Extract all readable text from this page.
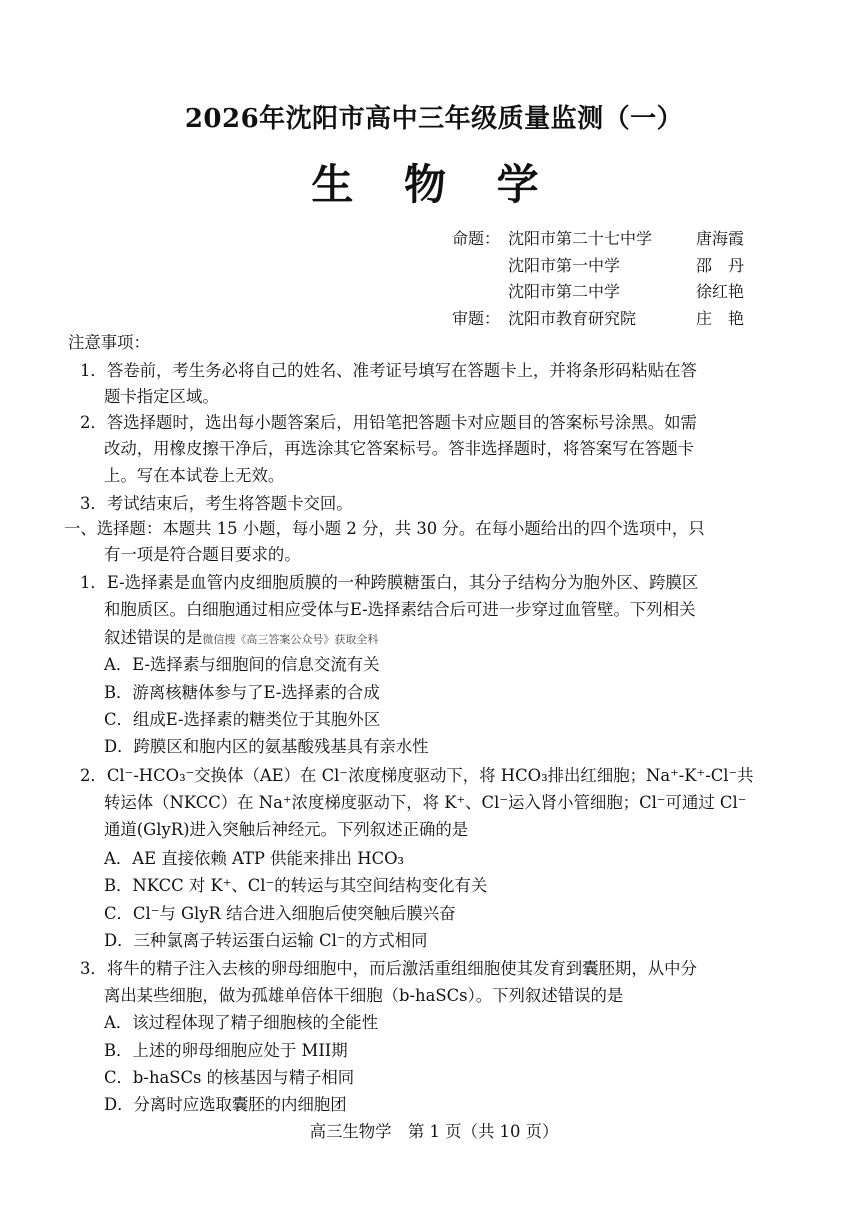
2026年沈阳市高中三年级质量监测（一）
生 物 学
命题： 沈阳市第二十七中学	唐海霞
沈阳市第一中学	邵　丹
沈阳市第二中学	徐红艳
审题： 沈阳市教育研究院	庄　艳
注意事项：
1．答卷前，考生务必将自己的姓名、准考证号填写在答题卡上，并将条形码粘贴在答
题卡指定区域。
2．答选择题时，选出每小题答案后，用铅笔把答题卡对应题目的答案标号涂黑。如需
改动，用橡皮擦干净后，再选涂其它答案标号。答非选择题时，将答案写在答题卡
上。写在本试卷上无效。
3．考试结束后，考生将答题卡交回。
一、选择题：本题共 15 小题，每小题 2 分，共 30 分。在每小题给出的四个选项中，只
有一项是符合题目要求的。
1．E-选择素是血管内皮细胞质膜的一种跨膜糖蛋白，其分子结构分为胞外区、跨膜区
和胞质区。白细胞通过相应受体与E-选择素结合后可进一步穿过血管壁。下列相关
叙述错误的是微信搜《高三答案公众号》获取全科
A．E-选择素与细胞间的信息交流有关
B．游离核糖体参与了E-选择素的合成
C．组成E-选择素的糖类位于其胞外区
D．跨膜区和胞内区的氨基酸残基具有亲水性
2．Cl⁻-HCO₃⁻交换体（AE）在 Cl⁻浓度梯度驱动下，将 HCO₃排出红细胞；Na⁺-K⁺-Cl⁻共
转运体（NKCC）在 Na⁺浓度梯度驱动下，将 K⁺、Cl⁻运入肾小管细胞；Cl⁻可通过 Cl⁻
通道(GlyR)进入突触后神经元。下列叙述正确的是
A．AE 直接依赖 ATP 供能来排出 HCO₃
B．NKCC 对 K⁺、Cl⁻的转运与其空间结构变化有关
C．Cl⁻与 GlyR 结合进入细胞后使突触后膜兴奋
D．三种氯离子转运蛋白运输 Cl⁻的方式相同
3．将牛的精子注入去核的卵母细胞中，而后激活重组细胞使其发育到囊胚期，从中分
离出某些细胞，做为孤雄单倍体干细胞（b-haSCs）。下列叙述错误的是
A．该过程体现了精子细胞核的全能性
B．上述的卵母细胞应处于 MII期
C．b-haSCs 的核基因与精子相同
D．分离时应选取囊胚的内细胞团
高三生物学　第 1 页（共 10 页）
